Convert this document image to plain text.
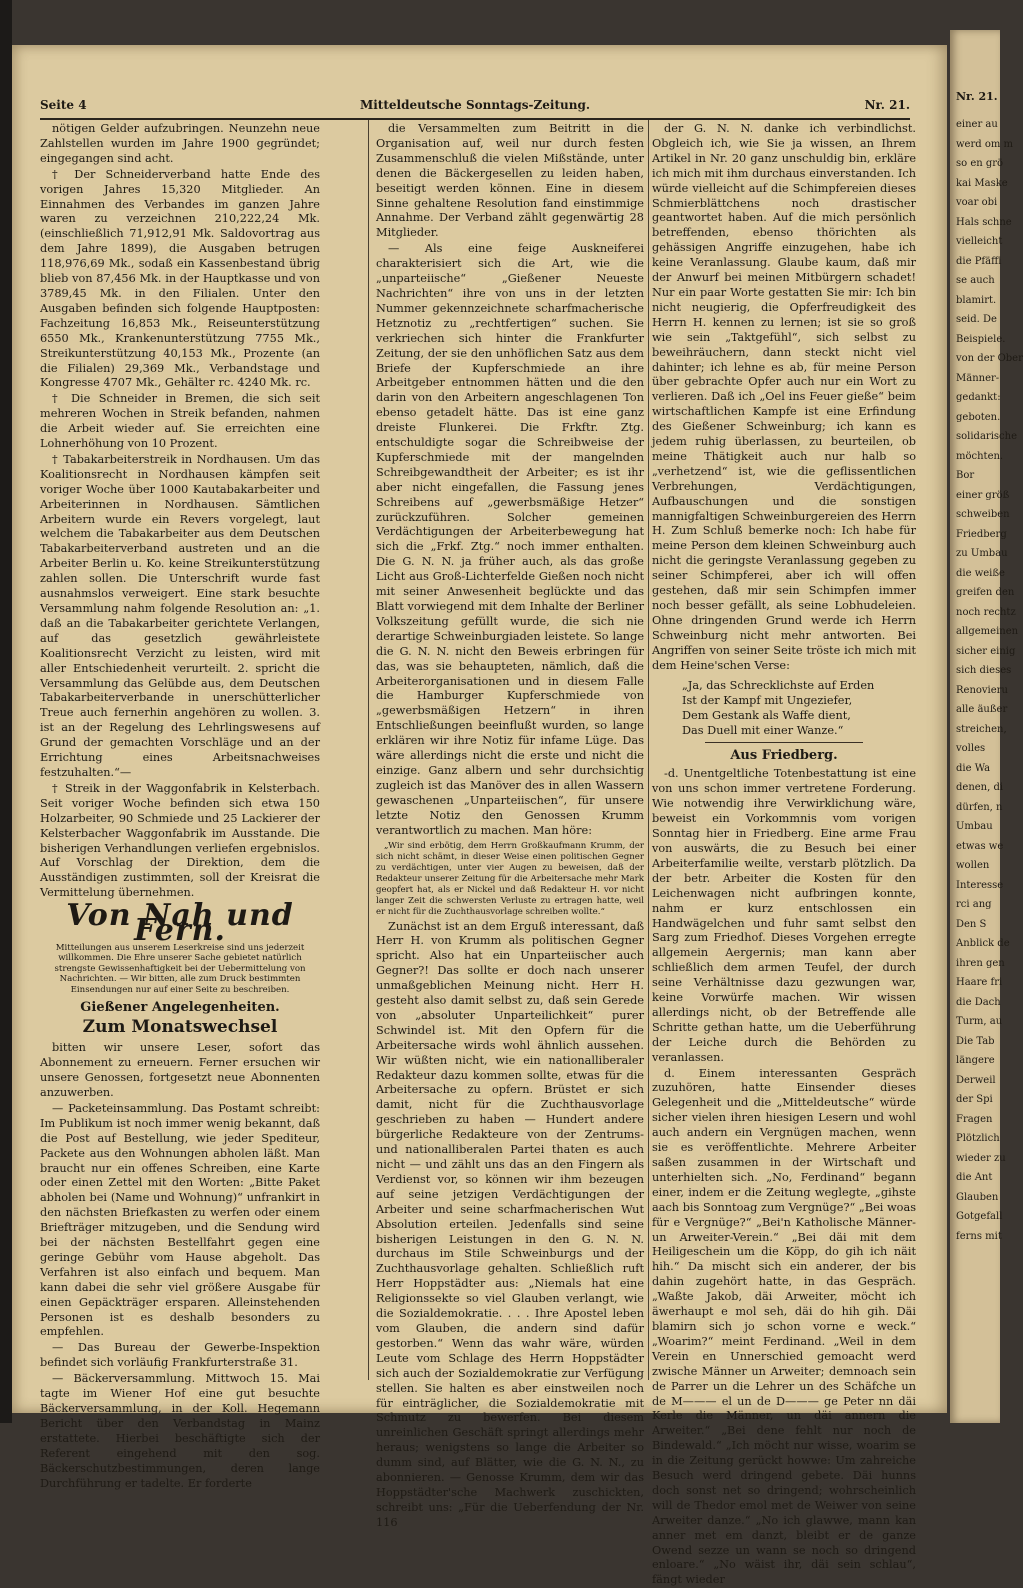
Seite 4	Mitteldeutsche Sonntags-Zeitung.	Nr. 21.

nötigen Gelder aufzubringen. Neunzehn neue Zahlstellen wurden im Jahre 1900 gegründet; eingegangen sind acht.

† Der Schneiderverband hatte Ende des vorigen Jahres 15,320 Mitglieder. An Einnahmen des Verbandes im ganzen Jahre waren zu verzeichnen 210,222,24 Mk. (einschließlich 71,912,91 Mk. Saldovortrag aus dem Jahre 1899), die Ausgaben betrugen 118,976,69 Mk., sodaß ein Kassenbestand übrig blieb von 87,456 Mk. in der Hauptkasse und von 3789,45 Mk. in den Filialen. Unter den Ausgaben befinden sich folgende Hauptposten: Fachzeitung 16,853 Mk., Reiseunterstützung 6550 Mk., Krankenunterstützung 7755 Mk., Streikunterstützung 40,153 Mk., Prozente (an die Filialen) 29,369 Mk., Verbandstage und Kongresse 4707 Mk., Gehälter rc. 4240 Mk. rc.

† Die Schneider in Bremen, die sich seit mehreren Wochen in Streik befanden, nahmen die Arbeit wieder auf. Sie erreichten eine Lohnerhöhung von 10 Prozent.

† Tabakarbeiterstreik in Nordhausen. Um das Koalitionsrecht in Nordhausen kämpfen seit voriger Woche über 1000 Kautabakarbeiter und Arbeiterinnen in Nordhausen. Sämtlichen Arbeitern wurde ein Revers vorgelegt, laut welchem die Tabakarbeiter aus dem Deutschen Tabakarbeiterverband austreten und an die Arbeiter Berlin u. Ko. keine Streikunterstützung zahlen sollen. Die Unterschrift wurde fast ausnahmslos verweigert. Eine stark besuchte Versammlung nahm folgende Resolution an: „1. daß an die Tabakarbeiter gerichtete Verlangen, auf das gesetzlich gewährleistete Koalitionsrecht Verzicht zu leisten, wird mit aller Entschiedenheit verurteilt. 2. spricht die Versammlung das Gelübde aus, dem Deutschen Tabakarbeiterverbande in unerschütterlicher Treue auch fernerhin angehören zu wollen. 3. ist an der Regelung des Lehrlingswesens auf Grund der gemachten Vorschläge und an der Errichtung eines Arbeitsnachweises festzuhalten.“—

† Streik in der Waggonfabrik in Kelsterbach. Seit voriger Woche befinden sich etwa 150 Holzarbeiter, 90 Schmiede und 25 Lackierer der Kelsterbacher Waggonfabrik im Ausstande. Die bisherigen Verhandlungen verliefen ergebnislos. Auf Vorschlag der Direktion, dem die Ausständigen zustimmten, soll der Kreisrat die Vermittelung übernehmen.

Von Nah und Fern.
Mitteilungen aus unserem Leserkreise sind uns jederzeit willkommen. Die Ehre unserer Sache gebietet natürlich strengste Gewissenhaftigkeit bei der Uebermittelung von Nachrichten. — Wir bitten, alle zum Druck bestimmten Einsendungen nur auf einer Seite zu beschreiben.
Gießener Angelegenheiten.
Zum Monatswechsel

bitten wir unsere Leser, sofort das Abonnement zu erneuern. Ferner ersuchen wir unsere Genossen, fortgesetzt neue Abonnenten anzuwerben.

— Packeteinsammlung. Das Postamt schreibt: Im Publikum ist noch immer wenig bekannt, daß die Post auf Bestellung, wie jeder Spediteur, Packete aus den Wohnungen abholen läßt. Man braucht nur ein offenes Schreiben, eine Karte oder einen Zettel mit den Worten: „Bitte Paket abholen bei (Name und Wohnung)“ unfrankirt in den nächsten Briefkasten zu werfen oder einem Briefträger mitzugeben, und die Sendung wird bei der nächsten Bestellfahrt gegen eine geringe Gebühr vom Hause abgeholt. Das Verfahren ist also einfach und bequem. Man kann dabei die sehr viel größere Ausgabe für einen Gepäckträger ersparen. Alleinstehenden Personen ist es deshalb besonders zu empfehlen.

— Das Bureau der Gewerbe-Inspektion befindet sich vorläufig Frankfurterstraße 31.

— Bäckerversammlung. Mittwoch 15. Mai tagte im Wiener Hof eine gut besuchte Bäckerversammlung, in der Koll. Hegemann Bericht über den Verbandstag in Mainz erstattete. Hierbei beschäftigte sich der Referent eingehend mit den sog. Bäckerschutzbestimmungen, deren lange Durchführung er tadelte. Er forderte

die Versammelten zum Beitritt in die Organisation auf, weil nur durch festen Zusammenschluß die vielen Mißstände, unter denen die Bäckergesellen zu leiden haben, beseitigt werden können. Eine in diesem Sinne gehaltene Resolution fand einstimmige Annahme. Der Verband zählt gegenwärtig 28 Mitglieder.

— Als eine feige Auskneiferei charakterisiert sich die Art, wie die „unparteiische“ „Gießener Neueste Nachrichten“ ihre von uns in der letzten Nummer gekennzeichnete scharfmacherische Hetznotiz zu „rechtfertigen“ suchen. Sie verkriechen sich hinter die Frankfurter Zeitung, der sie den unhöflichen Satz aus dem Briefe der Kupferschmiede an ihre Arbeitgeber entnommen hätten und die den darin von den Arbeitern angeschlagenen Ton ebenso getadelt hätte. Das ist eine ganz dreiste Flunkerei. Die Frkftr. Ztg. entschuldigte sogar die Schreibweise der Kupferschmiede mit der mangelnden Schreibgewandtheit der Arbeiter; es ist ihr aber nicht eingefallen, die Fassung jenes Schreibens auf „gewerbsmäßige Hetzer“ zurückzuführen. Solcher gemeinen Verdächtigungen der Arbeiterbewegung hat sich die „Frkf. Ztg.“ noch immer enthalten. Die G. N. N. ja früher auch, als das große Licht aus Groß-Lichterfelde Gießen noch nicht mit seiner Anwesenheit beglückte und das Blatt vorwiegend mit dem Inhalte der Berliner Volkszeitung gefüllt wurde, die sich nie derartige Schweinburgiaden leistete. So lange die G. N. N. nicht den Beweis erbringen für das, was sie behaupteten, nämlich, daß die Arbeiterorganisationen und in diesem Falle die Hamburger Kupferschmiede von „gewerbsmäßigen Hetzern“ in ihren Entschließungen beeinflußt wurden, so lange erklären wir ihre Notiz für infame Lüge. Das wäre allerdings nicht die erste und nicht die einzige. Ganz albern und sehr durchsichtig zugleich ist das Manöver des in allen Wassern gewaschenen „Unparteiischen“, für unsere letzte Notiz den Genossen Krumm verantwortlich zu machen. Man höre:

„Wir sind erbötig, dem Herrn Großkaufmann Krumm, der sich nicht schämt, in dieser Weise einen politischen Gegner zu verdächtigen, unter vier Augen zu beweisen, daß der Redakteur unserer Zeitung für die Arbeitersache mehr Mark geopfert hat, als er Nickel und daß Redakteur H. vor nicht langer Zeit die schwersten Verluste zu ertragen hatte, weil er nicht für die Zuchthausvorlage schreiben wollte.“

Zunächst ist an dem Erguß interessant, daß Herr H. von Krumm als politischen Gegner spricht. Also hat ein Unparteiischer auch Gegner?! Das sollte er doch nach unserer unmaßgeblichen Meinung nicht. Herr H. gesteht also damit selbst zu, daß sein Gerede von „absoluter Unparteilichkeit“ purer Schwindel ist. Mit den Opfern für die Arbeitersache wirds wohl ähnlich aussehen. Wir wüßten nicht, wie ein nationalliberaler Redakteur dazu kommen sollte, etwas für die Arbeitersache zu opfern. Brüstet er sich damit, nicht für die Zuchthausvorlage geschrieben zu haben — Hundert andere bürgerliche Redakteure von der Zentrums- und nationalliberalen Partei thaten es auch nicht — und zählt uns das an den Fingern als Verdienst vor, so können wir ihm bezeugen auf seine jetzigen Verdächtigungen der Arbeiter und seine scharfmacherischen Wut Absolution erteilen. Jedenfalls sind seine bisherigen Leistungen in den G. N. N. durchaus im Stile Schweinburgs und der Zuchthausvorlage gehalten. Schließlich ruft Herr Hoppstädter aus: „Niemals hat eine Religionssekte so viel Glauben verlangt, wie die Sozialdemokratie. . . . Ihre Apostel leben vom Glauben, die andern sind dafür gestorben.“ Wenn das wahr wäre, würden Leute vom Schlage des Herrn Hoppstädter sich auch der Sozialdemokratie zur Verfügung stellen. Sie halten es aber einstweilen noch für einträglicher, die Sozialdemokratie mit Schmutz zu bewerfen. Bei diesem unreinlichen Geschäft springt allerdings mehr heraus; wenigstens so lange die Arbeiter so dumm sind, auf Blätter, wie die G. N. N., zu abonnieren. — Genosse Krumm, dem wir das Hoppstädter'sche Machwerk zuschickten, schreibt uns: „Für die Ueberfendung der Nr. 116

der G. N. N. danke ich verbindlichst. Obgleich ich, wie Sie ja wissen, an Ihrem Artikel in Nr. 20 ganz unschuldig bin, erkläre ich mich mit ihm durchaus einverstanden. Ich würde vielleicht auf die Schimpfereien dieses Schmierblättchens noch drastischer geantwortet haben. Auf die mich persönlich betreffenden, ebenso thörichten als gehässigen Angriffe einzugehen, habe ich keine Veranlassung. Glaube kaum, daß mir der Anwurf bei meinen Mitbürgern schadet! Nur ein paar Worte gestatten Sie mir: Ich bin nicht neugierig, die Opferfreudigkeit des Herrn H. kennen zu lernen; ist sie so groß wie sein „Taktgefühl“, sich selbst zu beweihräuchern, dann steckt nicht viel dahinter; ich lehne es ab, für meine Person über gebrachte Opfer auch nur ein Wort zu verlieren. Daß ich „Oel ins Feuer gieße“ beim wirtschaftlichen Kampfe ist eine Erfindung des Gießener Schweinburg; ich kann es jedem ruhig überlassen, zu beurteilen, ob meine Thätigkeit auch nur halb so „verhetzend“ ist, wie die geflissentlichen Verbrehungen, Verdächtigungen, Aufbauschungen und die sonstigen mannigfaltigen Schweinburgereien des Herrn H. Zum Schluß bemerke noch: Ich habe für meine Person dem kleinen Schweinburg auch nicht die geringste Veranlassung gegeben zu seiner Schimpferei, aber ich will offen gestehen, daß mir sein Schimpfen immer noch besser gefällt, als seine Lobhudeleien. Ohne dringenden Grund werde ich Herrn Schweinburg nicht mehr antworten. Bei Angriffen von seiner Seite tröste ich mich mit dem Heine'schen Verse:

„Ja, das Schrecklichste auf Erden
Ist der Kampf mit Ungeziefer,
Dem Gestank als Waffe dient,
Das Duell mit einer Wanze.“
Aus Friedberg.

-d. Unentgeltliche Totenbestattung ist eine von uns schon immer vertretene Forderung. Wie notwendig ihre Verwirklichung wäre, beweist ein Vorkommnis vom vorigen Sonntag hier in Friedberg. Eine arme Frau von auswärts, die zu Besuch bei einer Arbeiterfamilie weilte, verstarb plötzlich. Da der betr. Arbeiter die Kosten für den Leichenwagen nicht aufbringen konnte, nahm er kurz entschlossen ein Handwägelchen und fuhr samt selbst den Sarg zum Friedhof. Dieses Vorgehen erregte allgemein Aergernis; man kann aber schließlich dem armen Teufel, der durch seine Verhältnisse dazu gezwungen war, keine Vorwürfe machen. Wir wissen allerdings nicht, ob der Betreffende alle Schritte gethan hatte, um die Ueberführung der Leiche durch die Behörden zu veranlassen.

d. Einem interessanten Gespräch zuzuhören, hatte Einsender dieses Gelegenheit und die „Mitteldeutsche“ würde sicher vielen ihren hiesigen Lesern und wohl auch andern ein Vergnügen machen, wenn sie es veröffentlichte. Mehrere Arbeiter saßen zusammen in der Wirtschaft und unterhielten sich. „No, Ferdinand“ begann einer, indem er die Zeitung weglegte, „gihste aach bis Sonntoag zum Vergnüge?“ „Bei woas für e Vergnüge?“ „Bei'n Katholische Männer- un Arweiter-Verein.“ „Bei däi mit dem Heiligeschein um die Köpp, do gih ich näit hih.“ Da mischt sich ein anderer, der bis dahin zugehört hatte, in das Gespräch. „Waßte Jakob, däi Arweiter, möcht ich äwerhaupt e mol seh, däi do hih gih. Däi blamirn sich jo schon vorne e weck.“ „Woarim?“ meint Ferdinand. „Weil in dem Verein en Unnerschied gemoacht werd zwische Männer un Arweiter; demnoach sein de Parrer un die Lehrer un des Schäfche un de M——— el un de D——— ge Peter nn däi Kerle die Männer, un däi annern die Arweiter.“ „Bei dene fehlt nur noch de Bindewald.“ „Ich möcht nur wisse, woarim se in die Zeitung gerückt howwe: Um zahreiche Besuch werd dringend gebete. Däi hunns doch sonst net so dringend; wohrscheinlich will de Thedor emol met de Weiwer von seine Arweiter danze.“ „No ich glawwe, mann kan anner met em danzt, bleibt er de ganze Owend sezze un wann se noch so dringend enloare.“ „No wäist ihr, däi sein schlau“, fängt wieder

Nr. 21.
einer au
werd om m
so en grö
kai Maske
voar obi
Hals schne
vielleicht
die Pfäffi
se auch
blamirt.
seid. De
Beispiele.
von der Ober
Männer-
gedankt:
geboten.
solidarische
möchten.
Bor
einer größ
schweiben
Friedberg
zu Umbau
die weiße
greifen den
noch rechtz
allgemeinen
sicher einig
sich dieses
Renovieru
alle äußer
streichen,
volles
die Wa
denen, di
dürfen, n
Umbau
etwas we
wollen
Interesse
rci ang
Den S
Anblick de
ihren gen
Haare fri
die Dach
Turm, au
Die Tab
längere
Derweil
der Spi
Fragen
Plötzlich
wieder zu
die Ant
Glauben
Gotgefall
ferns mit
